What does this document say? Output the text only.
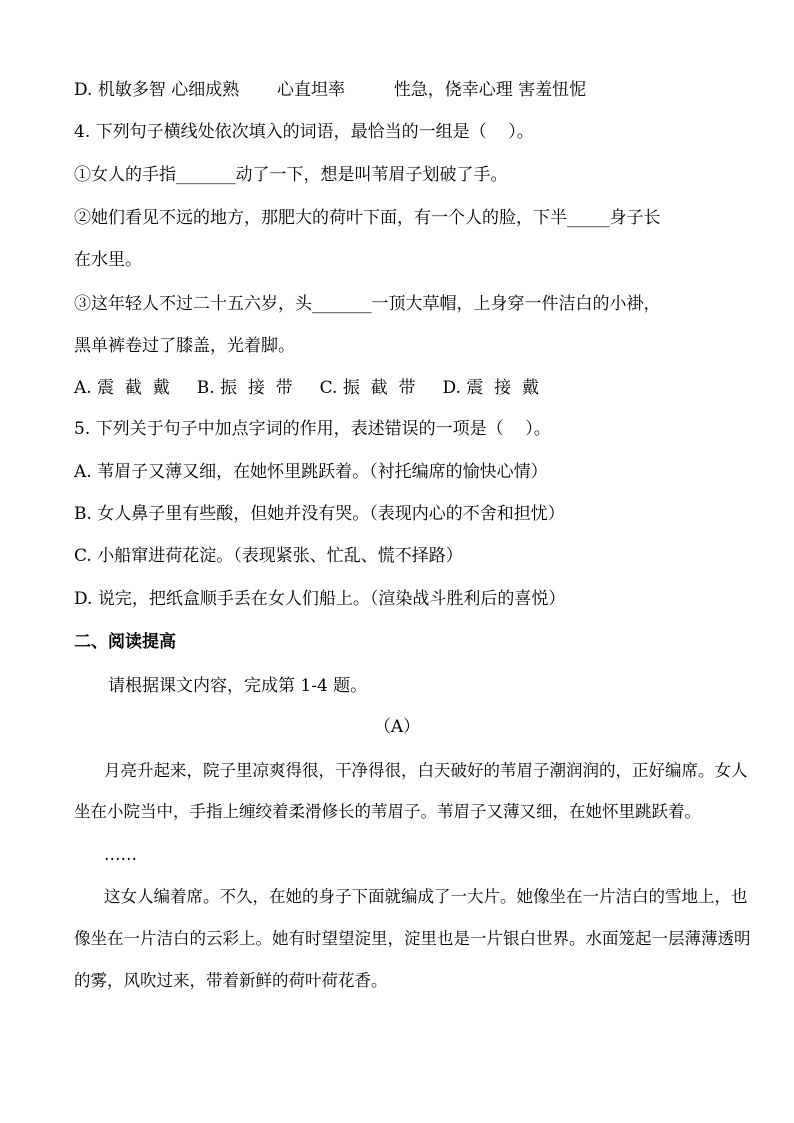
D. 机敏多智 心细成熟       心直坦率         性急，侥幸心理 害羞忸怩
4. 下列句子横线处依次填入的词语，最恰当的一组是（    ）。
①女人的手指_______动了一下，想是叫苇眉子划破了手。
②她们看见不远的地方，那肥大的荷叶下面，有一个人的脸，下半_____身子长
在水里。
③这年轻人不过二十五六岁，头_______一顶大草帽，上身穿一件洁白的小褂，
黑单裤卷过了膝盖，光着脚。
A. 震  截  戴     B. 振  接  带     C. 振  截  带     D. 震  接  戴
5. 下列关于句子中加点字词的作用，表述错误的一项是（    ）。
A. 苇眉子又薄又细，在她怀里跳跃着。（衬托编席的愉快心情）
B. 女人鼻子里有些酸，但她并没有哭。（表现内心的不舍和担忧）
C. 小船窜进荷花淀。（表现紧张、忙乱、慌不择路）
D. 说完，把纸盒顺手丢在女人们船上。（渲染战斗胜利后的喜悦）
二、阅读提高
请根据课文内容，完成第 1-4 题。
（A）
月亮升起来，院子里凉爽得很，干净得很，白天破好的苇眉子潮润润的，正好编席。女人
坐在小院当中，手指上缠绞着柔滑修长的苇眉子。苇眉子又薄又细，在她怀里跳跃着。
……
这女人编着席。不久，在她的身子下面就编成了一大片。她像坐在一片洁白的雪地上，也
像坐在一片洁白的云彩上。她有时望望淀里，淀里也是一片银白世界。水面笼起一层薄薄透明
的雾，风吹过来，带着新鲜的荷叶荷花香。
